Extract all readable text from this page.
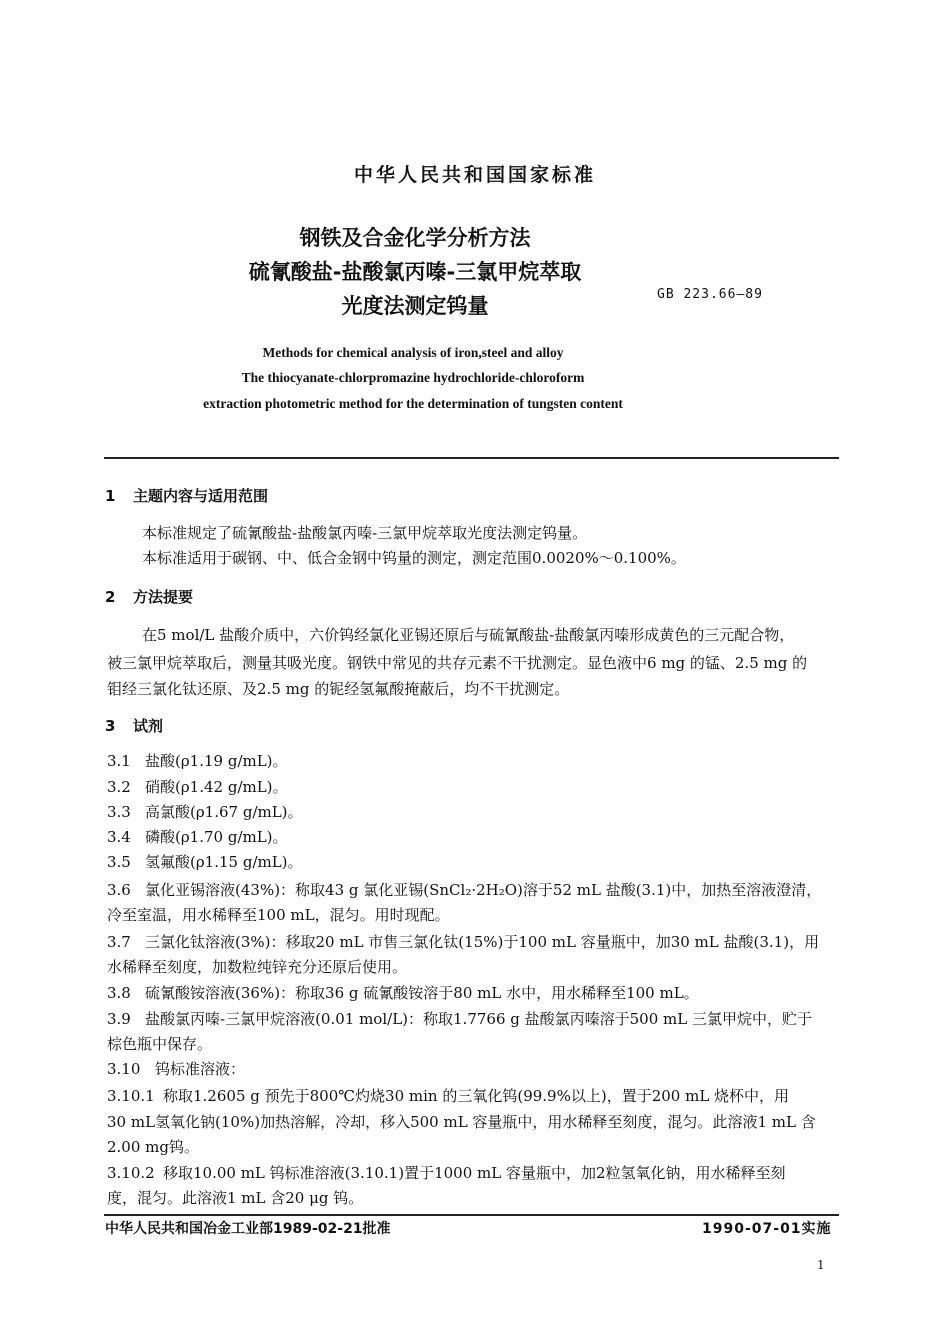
中华人民共和国国家标准
钢铁及合金化学分析方法
硫氰酸盐-盐酸氯丙嗪-三氯甲烷萃取
光度法测定钨量	GB 223.66—89
Methods for chemical analysis of iron,steel and alloy
The thiocyanate-chlorpromazine hydrochloride-chloroform
extraction photometric method for the determination of tungsten content
1 主题内容与适用范围
本标准规定了硫氰酸盐-盐酸氯丙嗪-三氯甲烷萃取光度法测定钨量。
本标准适用于碳钢、中、低合金钢中钨量的测定，测定范围0.0020%～0.100%。
2 方法提要
在5 mol/L 盐酸介质中，六价钨经氯化亚锡还原后与硫氰酸盐-盐酸氯丙嗪形成黄色的三元配合物，
被三氯甲烷萃取后，测量其吸光度。钢铁中常见的共存元素不干扰测定。显色液中6 mg 的锰、2.5 mg 的
钼经三氯化钛还原、及2.5 mg 的铌经氢氟酸掩蔽后，均不干扰测定。
3 试剂
3.1 盐酸(ρ1.19 g/mL)。
3.2 硝酸(ρ1.42 g/mL)。
3.3 高氯酸(ρ1.67 g/mL)。
3.4 磷酸(ρ1.70 g/mL)。
3.5 氢氟酸(ρ1.15 g/mL)。
3.6 氯化亚锡溶液(43%)：称取43 g 氯化亚锡(SnCl₂·2H₂O)溶于52 mL 盐酸(3.1)中，加热至溶液澄清，
冷至室温，用水稀释至100 mL，混匀。用时现配。
3.7 三氯化钛溶液(3%)：移取20 mL 市售三氯化钛(15%)于100 mL 容量瓶中，加30 mL 盐酸(3.1)，用
水稀释至刻度，加数粒纯锌充分还原后使用。
3.8 硫氰酸铵溶液(36%)：称取36 g 硫氰酸铵溶于80 mL 水中，用水稀释至100 mL。
3.9 盐酸氯丙嗪-三氯甲烷溶液(0.01 mol/L)：称取1.7766 g 盐酸氯丙嗪溶于500 mL 三氯甲烷中，贮于
棕色瓶中保存。
3.10 钨标准溶液：
3.10.1 称取1.2605 g 预先于800℃灼烧30 min 的三氧化钨(99.9%以上)，置于200 mL 烧杯中，用
30 mL氢氧化钠(10%)加热溶解，冷却，移入500 mL 容量瓶中，用水稀释至刻度，混匀。此溶液1 mL 含
2.00 mg钨。
3.10.2 移取10.00 mL 钨标准溶液(3.10.1)置于1000 mL 容量瓶中，加2粒氢氧化钠，用水稀释至刻
度，混匀。此溶液1 mL 含20 μg 钨。
中华人民共和国冶金工业部1989-02-21批准	1990-07-01实施
1
